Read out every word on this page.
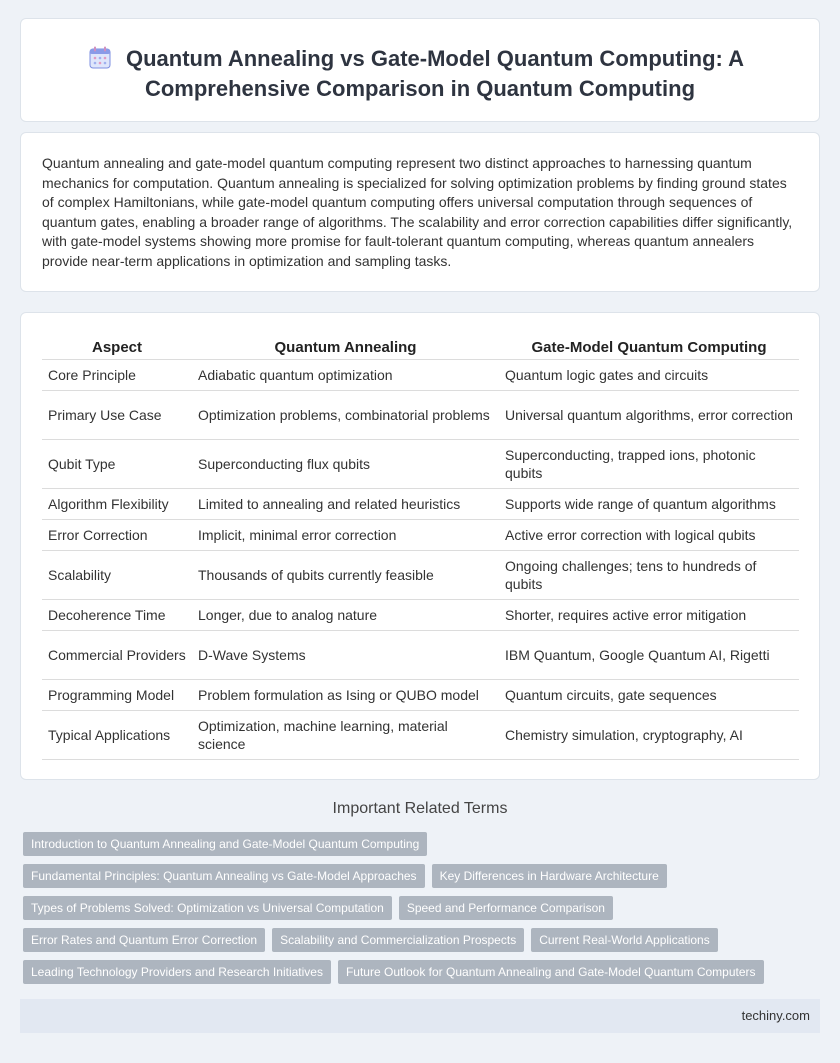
Quantum Annealing vs Gate-Model Quantum Computing: A
Comprehensive Comparison in Quantum Computing

Quantum annealing and gate-model quantum computing represent two distinct approaches to harnessing quantum mechanics for computation. Quantum annealing is specialized for solving optimization problems by finding ground states of complex Hamiltonians, while gate-model quantum computing offers universal computation through sequences of quantum gates, enabling a broader range of algorithms. The scalability and error correction capabilities differ significantly, with gate-model systems showing more promise for fault-tolerant quantum computing, whereas quantum annealers provide near-term applications in optimization and sampling tasks.

Aspect	Quantum Annealing	Gate-Model Quantum Computing
Core Principle	Adiabatic quantum optimization	Quantum logic gates and circuits
Primary Use Case	Optimization problems, combinatorial problems	Universal quantum algorithms, error correction
Qubit Type	Superconducting flux qubits	Superconducting, trapped ions, photonic qubits
Algorithm Flexibility	Limited to annealing and related heuristics	Supports wide range of quantum algorithms
Error Correction	Implicit, minimal error correction	Active error correction with logical qubits
Scalability	Thousands of qubits currently feasible	Ongoing challenges; tens to hundreds of qubits
Decoherence Time	Longer, due to analog nature	Shorter, requires active error mitigation
Commercial Providers	D-Wave Systems	IBM Quantum, Google Quantum AI, Rigetti
Programming Model	Problem formulation as Ising or QUBO model	Quantum circuits, gate sequences
Typical Applications	Optimization, machine learning, material science	Chemistry simulation, cryptography, AI
Important Related Terms
Introduction to Quantum Annealing and Gate-Model Quantum Computing
Fundamental Principles: Quantum Annealing vs Gate-Model Approaches	Key Differences in Hardware Architecture
Types of Problems Solved: Optimization vs Universal Computation	Speed and Performance Comparison
Error Rates and Quantum Error Correction	Scalability and Commercialization Prospects	Current Real-World Applications
Leading Technology Providers and Research Initiatives	Future Outlook for Quantum Annealing and Gate-Model Quantum Computers
techiny.com
